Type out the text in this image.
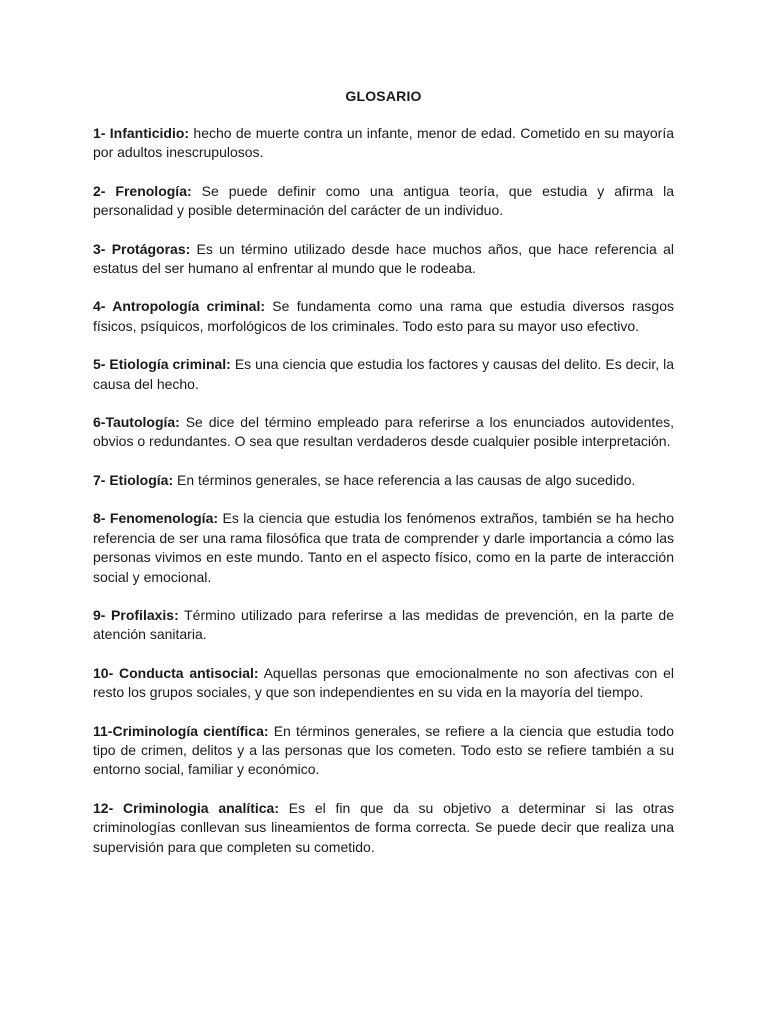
GLOSARIO

1- Infanticidio: hecho de muerte contra un infante, menor de edad. Cometido en su mayoría por adultos inescrupulosos.

2- Frenología: Se puede definir como una antigua teoría, que estudia y afirma la personalidad y posible determinación del carácter de un individuo.

3- Protágoras: Es un término utilizado desde hace muchos años, que hace referencia al estatus del ser humano al enfrentar al mundo que le rodeaba.

4- Antropología criminal: Se fundamenta como una rama que estudia diversos rasgos físicos, psíquicos, morfológicos de los criminales. Todo esto para su mayor uso efectivo.

5- Etiología criminal: Es una ciencia que estudia los factores y causas del delito. Es decir, la causa del hecho.

6-Tautología: Se dice del término empleado para referirse a los enunciados autovidentes, obvios o redundantes. O sea que resultan verdaderos desde cualquier posible interpretación.

7- Etiología: En términos generales, se hace referencia a las causas de algo sucedido.

8- Fenomenología: Es la ciencia que estudia los fenómenos extraños, también se ha hecho referencia de ser una rama filosófica que trata de comprender y darle importancia a cómo las personas vivimos en este mundo. Tanto en el aspecto físico, como en la parte de interacción social y emocional.

9- Profilaxis: Término utilizado para referirse a las medidas de prevención, en la parte de atención sanitaria.

10- Conducta antisocial: Aquellas personas que emocionalmente no son afectivas con el resto los grupos sociales, y que son independientes en su vida en la mayoría del tiempo.

11-Criminología científica: En términos generales, se refiere a la ciencia que estudia todo tipo de crimen, delitos y a las personas que los cometen. Todo esto se refiere también a su entorno social, familiar y económico.

12- Criminologia analítica: Es el fin que da su objetivo a determinar si las otras criminologías conllevan sus lineamientos de forma correcta. Se puede decir que realiza una supervisión para que completen su cometido.
